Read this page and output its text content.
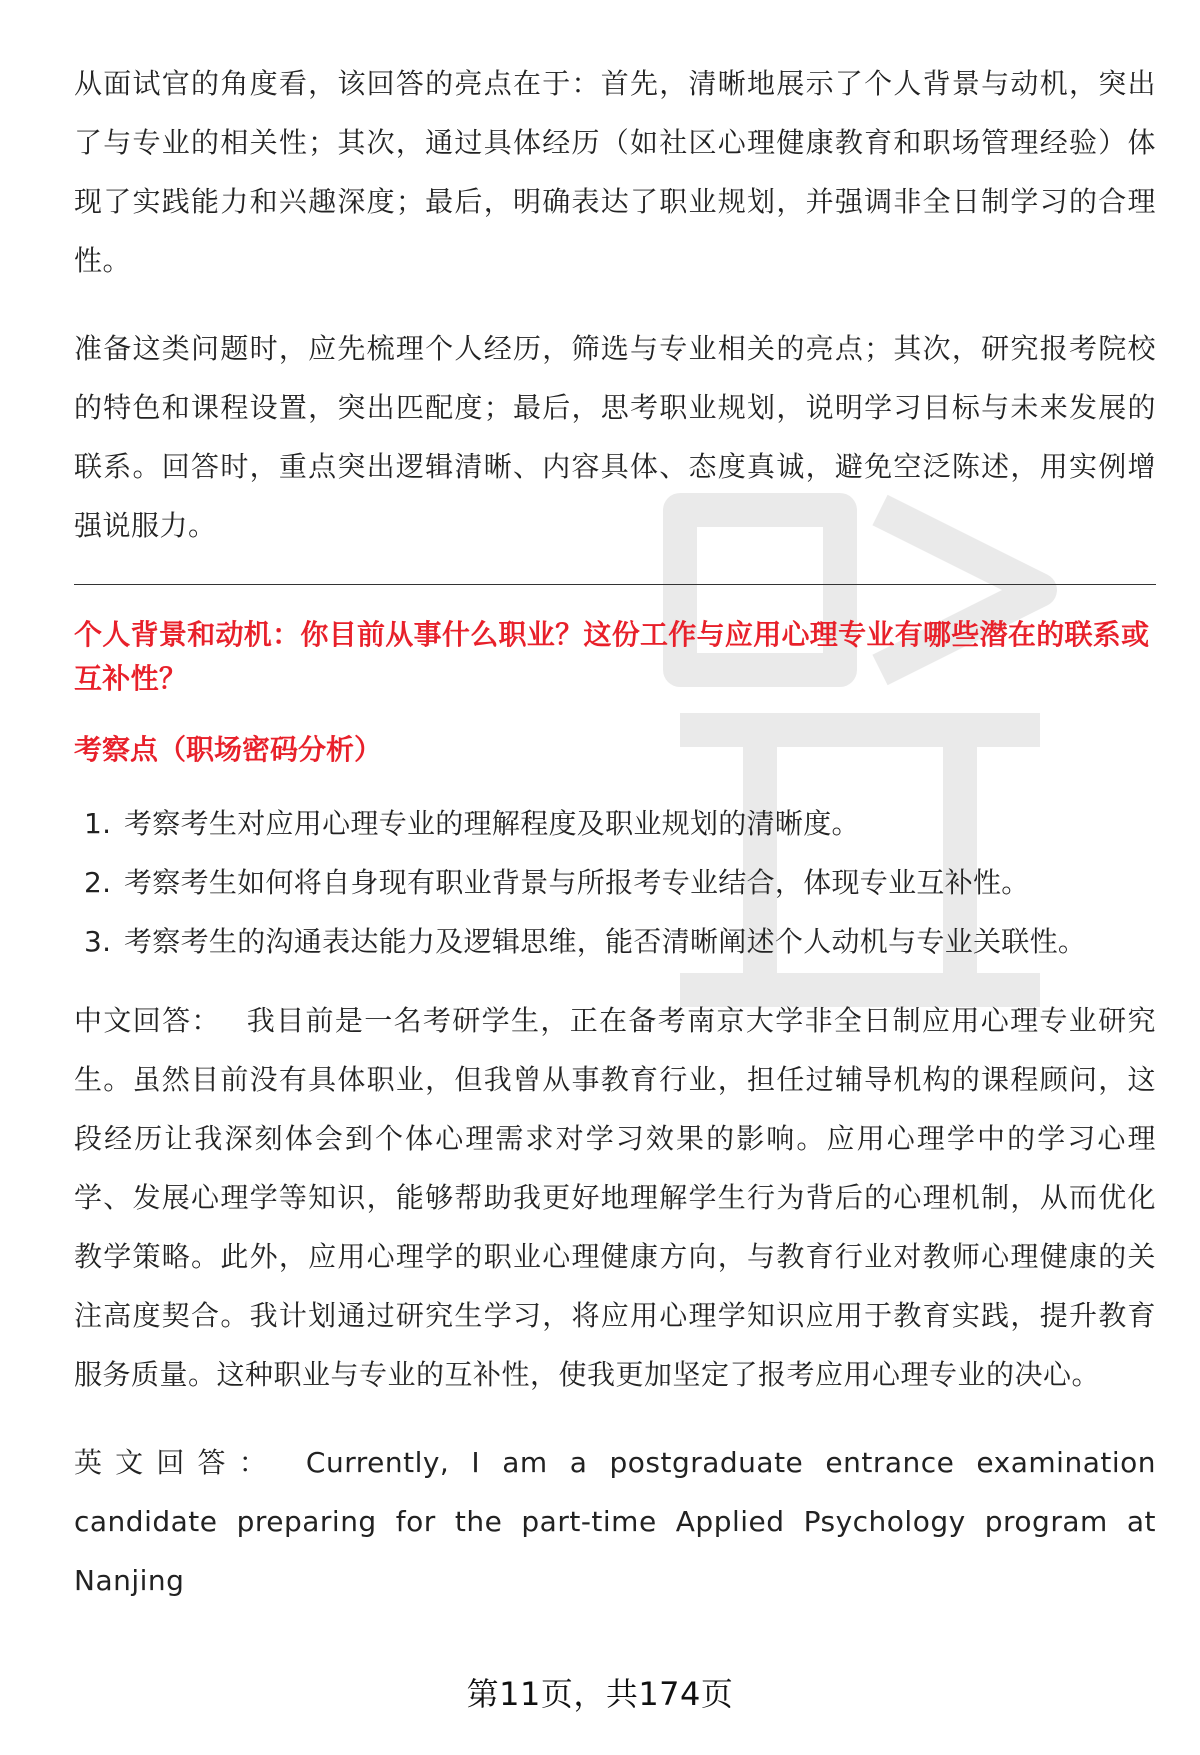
从面试官的角度看，该回答的亮点在于：首先，清晰地展示了个人背景与动机，突出了与专业的相关性；其次，通过具体经历（如社区心理健康教育和职场管理经验）体现了实践能力和兴趣深度；最后，明确表达了职业规划，并强调非全日制学习的合理性。

准备这类问题时，应先梳理个人经历，筛选与专业相关的亮点；其次，研究报考院校的特色和课程设置，突出匹配度；最后，思考职业规划，说明学习目标与未来发展的联系。回答时，重点突出逻辑清晰、内容具体、态度真诚，避免空泛陈述，用实例增强说服力。

个人背景和动机：你目前从事什么职业？这份工作与应用心理专业有哪些潜在的联系或互补性？
考察点（职场密码分析）
1. 考察考生对应用心理专业的理解程度及职业规划的清晰度。
2. 考察考生如何将自身现有职业背景与所报考专业结合，体现专业互补性。
3. 考察考生的沟通表达能力及逻辑思维，能否清晰阐述个人动机与专业关联性。

中文回答： 我目前是一名考研学生，正在备考南京大学非全日制应用心理专业研究生。虽然目前没有具体职业，但我曾从事教育行业，担任过辅导机构的课程顾问，这段经历让我深刻体会到个体心理需求对学习效果的影响。应用心理学中的学习心理学、发展心理学等知识，能够帮助我更好地理解学生行为背后的心理机制，从而优化教学策略。此外，应用心理学的职业心理健康方向，与教育行业对教师心理健康的关注高度契合。我计划通过研究生学习，将应用心理学知识应用于教育实践，提升教育服务质量。这种职业与专业的互补性，使我更加坚定了报考应用心理专业的决心。

英文回答： Currently, I am a postgraduate entrance examination candidate preparing for the part-time Applied Psychology program at Nanjing

第11页，共174页
